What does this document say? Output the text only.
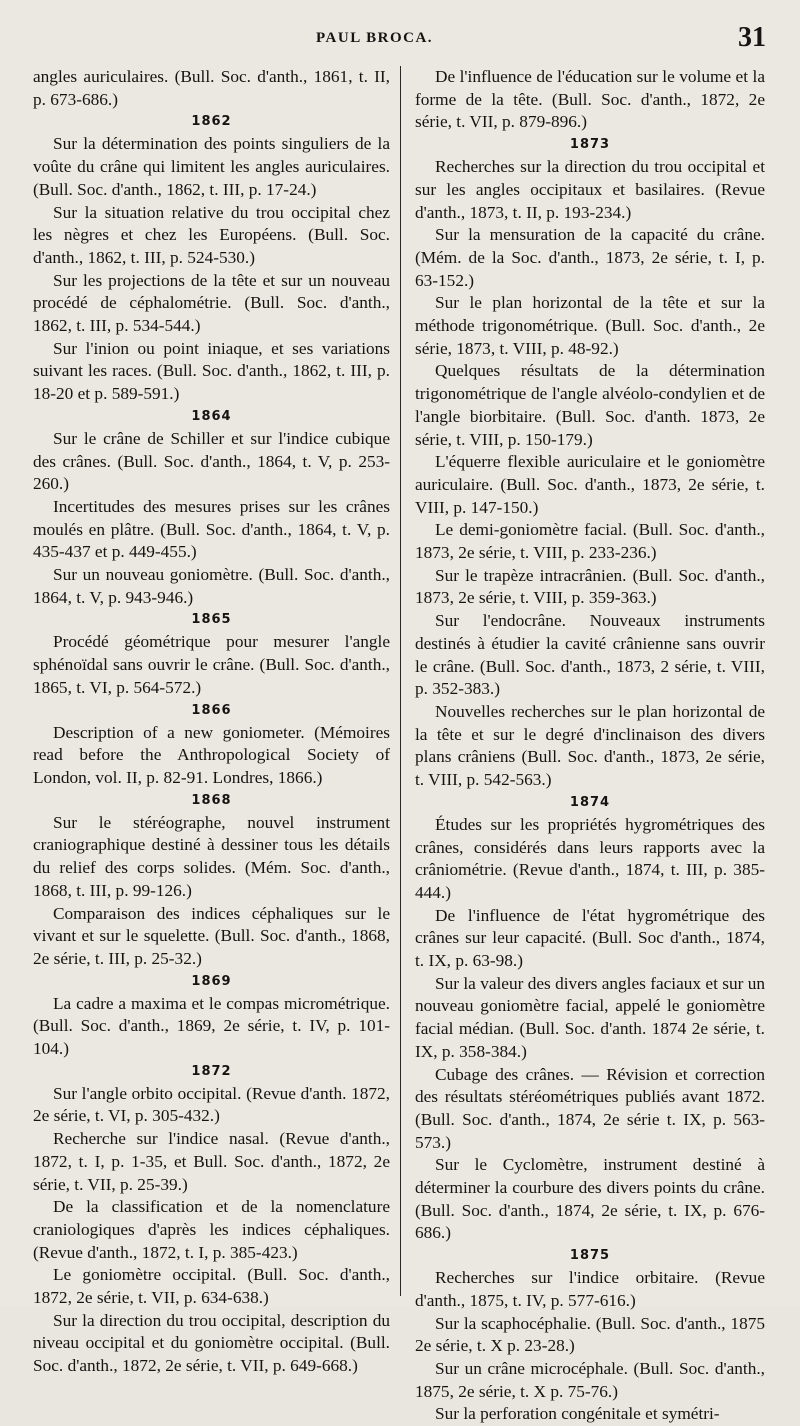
PAUL BROCA.	31

angles auriculaires. (Bull. Soc. d'anth., 1861, t. II, p. 673-686.)

1862

Sur la détermination des points singuliers de la voûte du crâne qui limitent les angles auriculaires. (Bull. Soc. d'anth., 1862, t. III, p. 17-24.)

Sur la situation relative du trou occipital chez les nègres et chez les Européens. (Bull. Soc. d'anth., 1862, t. III, p. 524-530.)

Sur les projections de la tête et sur un nouveau procédé de céphalométrie. (Bull. Soc. d'anth., 1862, t. III, p. 534-544.)

Sur l'inion ou point iniaque, et ses variations suivant les races. (Bull. Soc. d'anth., 1862, t. III, p. 18-20 et p. 589-591.)

1864

Sur le crâne de Schiller et sur l'indice cubique des crânes. (Bull. Soc. d'anth., 1864, t. V, p. 253-260.)

Incertitudes des mesures prises sur les crânes moulés en plâtre. (Bull. Soc. d'anth., 1864, t. V, p. 435-437 et p. 449-455.)

Sur un nouveau goniomètre. (Bull. Soc. d'anth., 1864, t. V, p. 943-946.)

1865

Procédé géométrique pour mesurer l'angle sphénoïdal sans ouvrir le crâne. (Bull. Soc. d'anth., 1865, t. VI, p. 564-572.)

1866

Description of a new goniometer. (Mémoires read before the Anthropological Society of London, vol. II, p. 82-91. Londres, 1866.)

1868

Sur le stéréographe, nouvel instrument craniographique destiné à dessiner tous les détails du relief des corps solides. (Mém. Soc. d'anth., 1868, t. III, p. 99-126.)

Comparaison des indices céphaliques sur le vivant et sur le squelette. (Bull. Soc. d'anth., 1868, 2e série, t. III, p. 25-32.)

1869

La cadre a maxima et le compas micrométrique. (Bull. Soc. d'anth., 1869, 2e série, t. IV, p. 101-104.)

1872

Sur l'angle orbito occipital. (Revue d'anth. 1872, 2e série, t. VI, p. 305-432.)

Recherche sur l'indice nasal. (Revue d'anth., 1872, t. I, p. 1-35, et Bull. Soc. d'anth., 1872, 2e série, t. VII, p. 25-39.)

De la classification et de la nomenclature craniologiques d'après les indices céphaliques. (Revue d'anth., 1872, t. I, p. 385-423.)

Le goniomètre occipital. (Bull. Soc. d'anth., 1872, 2e série, t. VII, p. 634-638.)

Sur la direction du trou occipital, description du niveau occipital et du goniomètre occipital. (Bull. Soc. d'anth., 1872, 2e série, t. VII, p. 649-668.)

De l'influence de l'éducation sur le volume et la forme de la tête. (Bull. Soc. d'anth., 1872, 2e série, t. VII, p. 879-896.)

1873

Recherches sur la direction du trou occipital et sur les angles occipitaux et basilaires. (Revue d'anth., 1873, t. II, p. 193-234.)

Sur la mensuration de la capacité du crâne. (Mém. de la Soc. d'anth., 1873, 2e série, t. I, p. 63-152.)

Sur le plan horizontal de la tête et sur la méthode trigonométrique. (Bull. Soc. d'anth., 2e série, 1873, t. VIII, p. 48-92.)

Quelques résultats de la détermination trigonométrique de l'angle alvéolo-condylien et de l'angle biorbitaire. (Bull. Soc. d'anth. 1873, 2e série, t. VIII, p. 150-179.)

L'équerre flexible auriculaire et le goniomètre auriculaire. (Bull. Soc. d'anth., 1873, 2e série, t. VIII, p. 147-150.)

Le demi-goniomètre facial. (Bull. Soc. d'anth., 1873, 2e série, t. VIII, p. 233-236.)

Sur le trapèze intracrânien. (Bull. Soc. d'anth., 1873, 2e série, t. VIII, p. 359-363.)

Sur l'endocrâne. Nouveaux instruments destinés à étudier la cavité crânienne sans ouvrir le crâne. (Bull. Soc. d'anth., 1873, 2 série, t. VIII, p. 352-383.)

Nouvelles recherches sur le plan horizontal de la tête et sur le degré d'inclinaison des divers plans crâniens (Bull. Soc. d'anth., 1873, 2e série, t. VIII, p. 542-563.)

1874

Études sur les propriétés hygrométriques des crânes, considérés dans leurs rapports avec la crâniométrie. (Revue d'anth., 1874, t. III, p. 385-444.)

De l'influence de l'état hygrométrique des crânes sur leur capacité. (Bull. Soc d'anth., 1874, t. IX, p. 63-98.)

Sur la valeur des divers angles faciaux et sur un nouveau goniomètre facial, appelé le goniomètre facial médian. (Bull. Soc. d'anth. 1874 2e série, t. IX, p. 358-384.)

Cubage des crânes. — Révision et correction des résultats stéréométriques publiés avant 1872. (Bull. Soc. d'anth., 1874, 2e série t. IX, p. 563-573.)

Sur le Cyclomètre, instrument destiné à déterminer la courbure des divers points du crâne. (Bull. Soc. d'anth., 1874, 2e série, t. IX, p. 676-686.)

1875

Recherches sur l'indice orbitaire. (Revue d'anth., 1875, t. IV, p. 577-616.)

Sur la scaphocéphalie. (Bull. Soc. d'anth., 1875 2e série, t. X p. 23-28.)

Sur un crâne microcéphale. (Bull. Soc. d'anth., 1875, 2e série, t. X p. 75-76.)

Sur la perforation congénitale et symétri-
